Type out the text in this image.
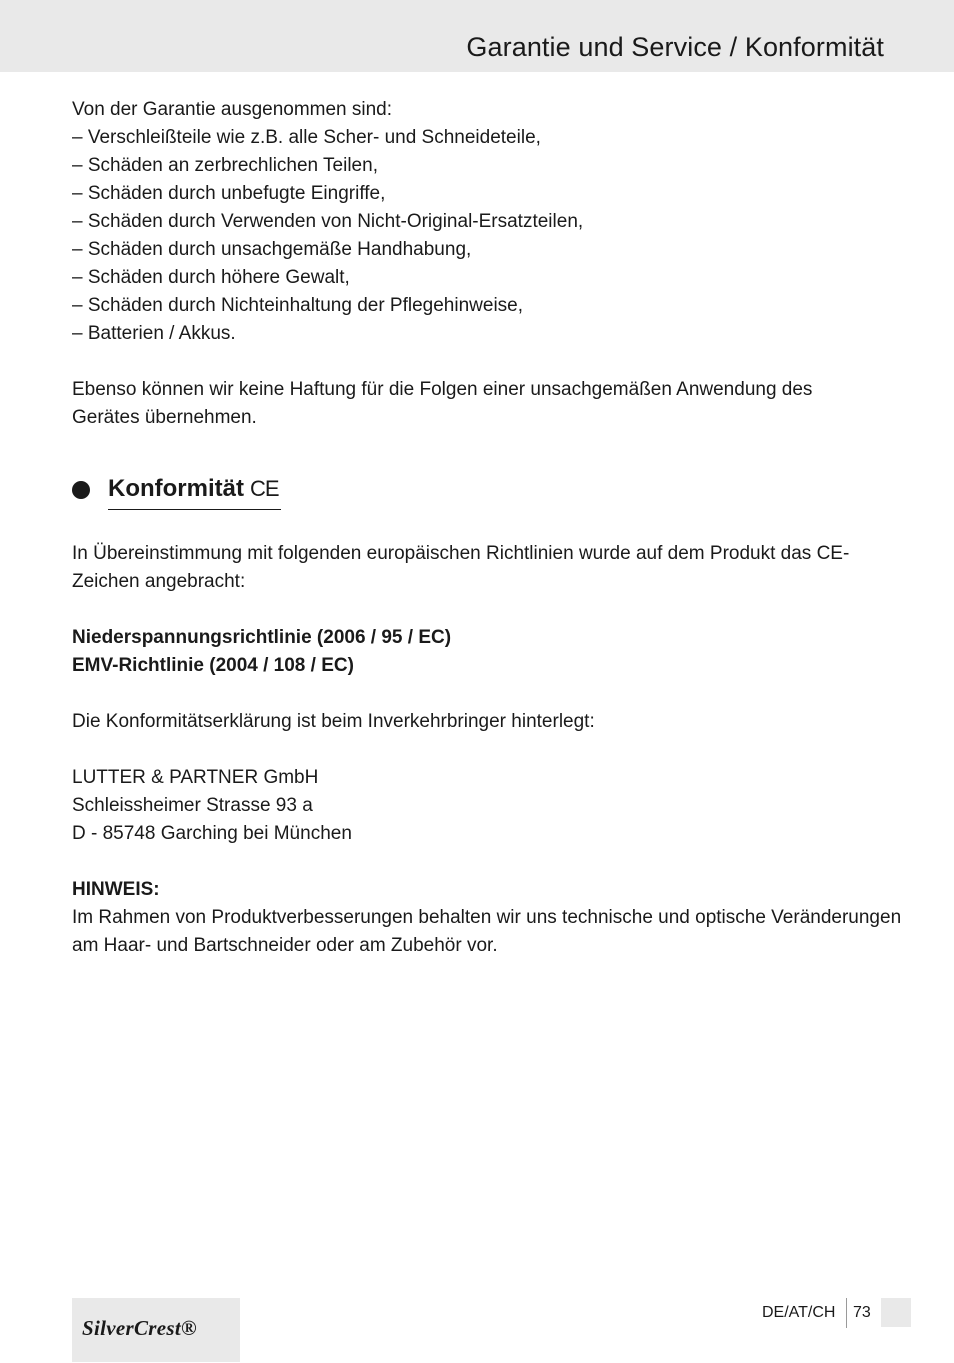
Garantie und Service / Konformität
Von der Garantie ausgenommen sind:
– Verschleißteile wie z.B. alle Scher- und Schneideteile,
– Schäden an zerbrechlichen Teilen,
– Schäden durch unbefugte Eingriffe,
– Schäden durch Verwenden von Nicht-Original-Ersatzteilen,
– Schäden durch unsachgemäße Handhabung,
– Schäden durch höhere Gewalt,
– Schäden durch Nichteinhaltung der Pflegehinweise,
– Batterien / Akkus.
Ebenso können wir keine Haftung für die Folgen einer unsachgemäßen Anwendung des
Gerätes übernehmen.
Konformität CE
In Übereinstimmung mit folgenden europäischen Richtlinien wurde auf dem Produkt das CE-
Zeichen angebracht:
Niederspannungsrichtlinie (2006 / 95 / EC)
EMV-Richtlinie (2004 / 108 / EC)
Die Konformitätserklärung ist beim Inverkehrbringer hinterlegt:
LUTTER & PARTNER GmbH
Schleissheimer Strasse 93 a
D - 85748 Garching bei München
HINWEIS:
Im Rahmen von Produktverbesserungen behalten wir uns technische und optische Veränderungen
am Haar- und Bartschneider oder am Zubehör vor.
SilverCrest®
DE/AT/CH 73
